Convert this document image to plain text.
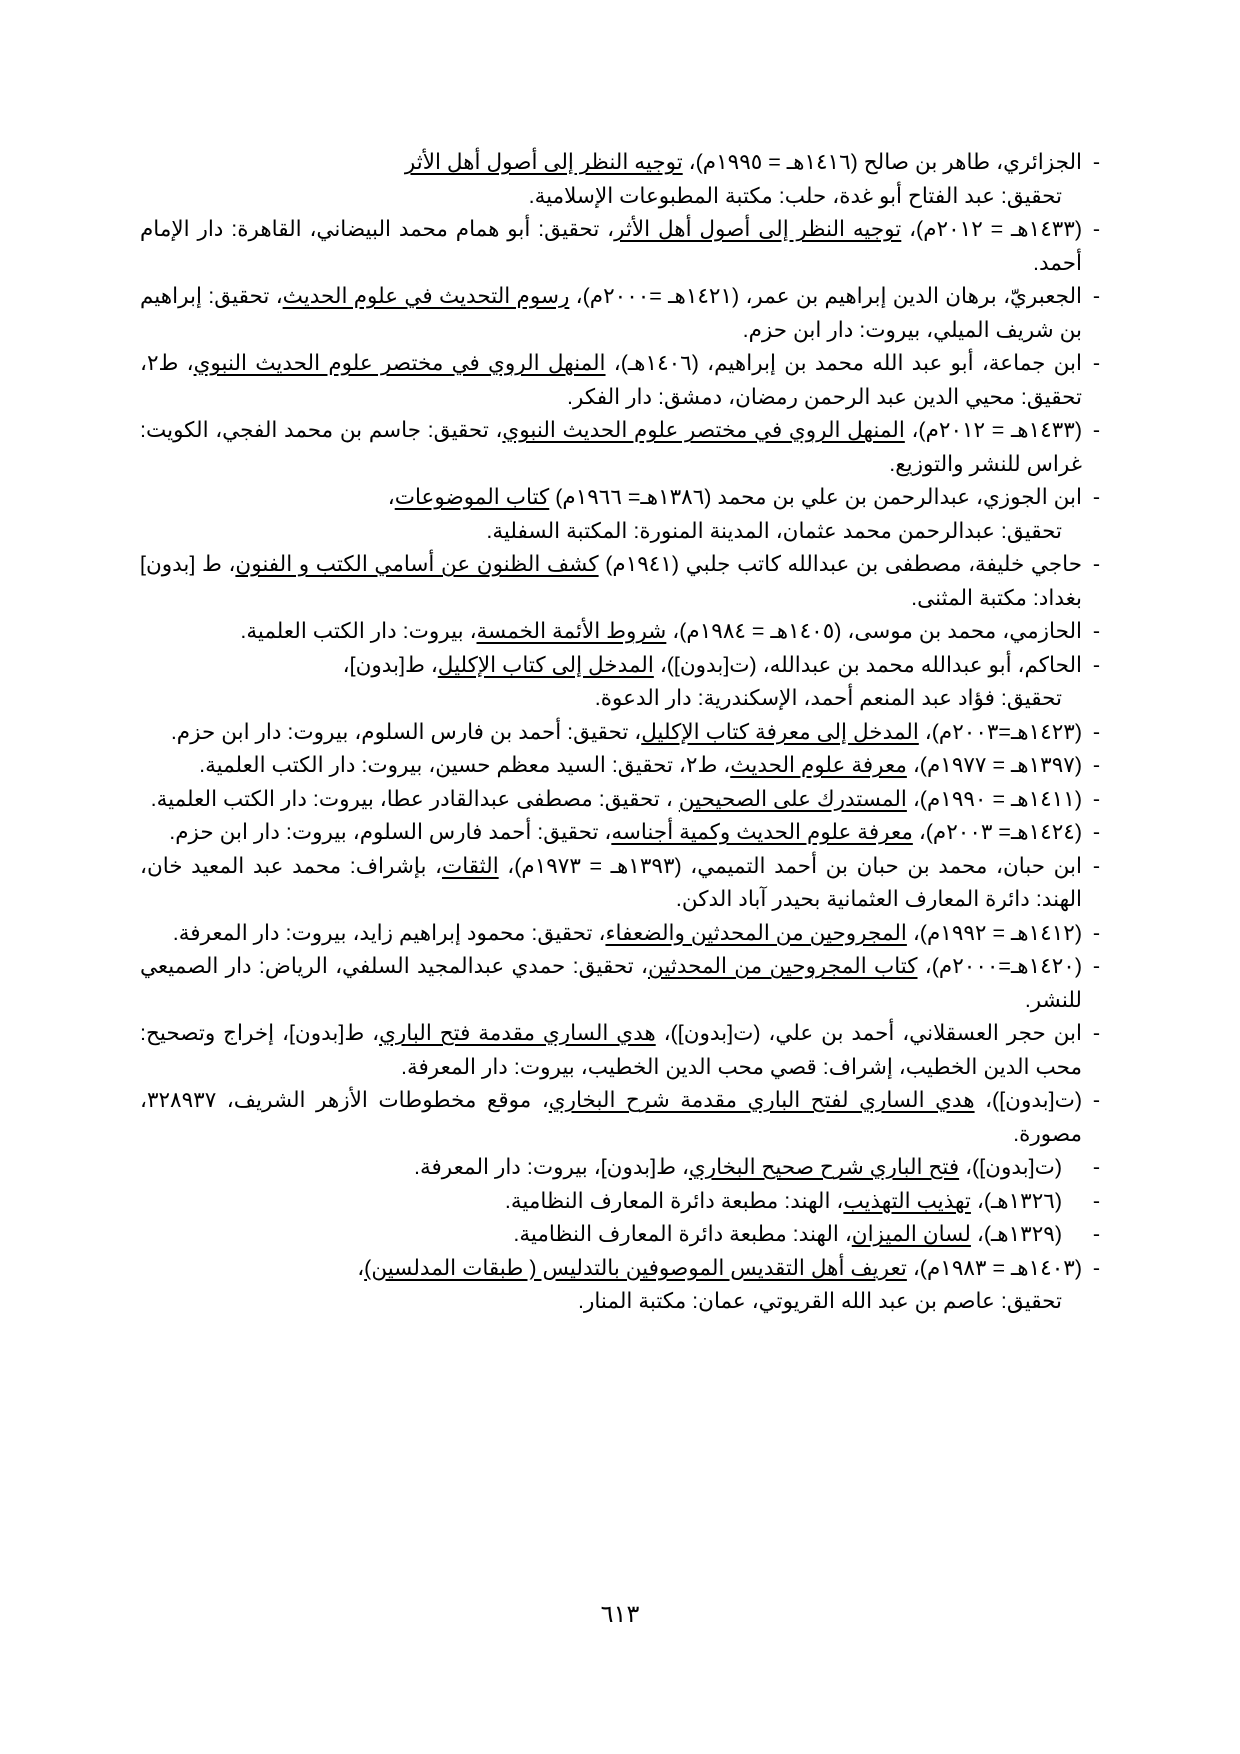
-
الجزائري، طاهر بن صالح (١٤١٦هـ = ١٩٩٥م)، توجيه النظر إلى أصول أهل الأثر
تحقيق: عبد الفتاح أبو غدة، حلب: مكتبة المطبوعات الإسلامية.

-
(١٤٣٣هـ = ٢٠١٢م)، توجيه النظر إلى أصول أهل الأثر، تحقيق: أبو همام محمد البيضاني، القاهرة: دار الإمام أحمد.

-
الجعبريّ، برهان الدين إبراهيم بن عمر، (١٤٢١هـ =٢٠٠٠م)، رسوم التحديث في علوم الحديث، تحقيق: إبراهيم بن شريف الميلي، بيروت: دار ابن حزم.

-
ابن جماعة، أبو عبد الله محمد بن إبراهيم، (١٤٠٦هـ)، المنهل الروي في مختصر علوم الحديث النبوي، ط٢، تحقيق: محيي الدين عبد الرحمن رمضان، دمشق: دار الفكر.

-
(١٤٣٣هـ = ٢٠١٢م)، المنهل الروي في مختصر علوم الحديث النبوي، تحقيق: جاسم بن محمد الفجي، الكويت: غراس للنشر والتوزيع.

-
ابن الجوزي، عبدالرحمن بن علي بن محمد (١٣٨٦هـ= ١٩٦٦م) كتاب الموضوعات،
تحقيق: عبدالرحمن محمد عثمان، المدينة المنورة: المكتبة السفلية.

-
حاجي خليفة، مصطفى بن عبدالله كاتب جلبي (١٩٤١م) كشف الظنون عن أسامي الكتب و الفنون، ط [بدون] بغداد: مكتبة المثنى.

-
الحازمي، محمد بن موسى، (١٤٠٥هـ = ١٩٨٤م)، شروط الأئمة الخمسة، بيروت: دار الكتب العلمية.

-
الحاكم، أبو عبدالله محمد بن عبدالله، (ت[بدون])، المدخل إلى كتاب الإكليل، ط[بدون]،
تحقيق: فؤاد عبد المنعم أحمد، الإسكندرية: دار الدعوة.

-
(١٤٢٣هـ=٢٠٠٣م)، المدخل إلى معرفة كتاب الإكليل، تحقيق: أحمد بن فارس السلوم، بيروت: دار ابن حزم.

-
(١٣٩٧هـ = ١٩٧٧م)، معرفة علوم الحديث، ط٢، تحقيق: السيد معظم حسين، بيروت: دار الكتب العلمية.

-
(١٤١١هـ = ١٩٩٠م)، المستدرك على الصحيحين ، تحقيق: مصطفى عبدالقادر عطا، بيروت: دار الكتب العلمية.

-
(١٤٢٤هـ= ٢٠٠٣م)، معرفة علوم الحديث وكمية أجناسه، تحقيق: أحمد فارس السلوم، بيروت: دار ابن حزم.

-
ابن حبان، محمد بن حبان بن أحمد التميمي، (١٣٩٣هـ = ١٩٧٣م)، الثقات، بإشراف: محمد عبد المعيد خان، الهند: دائرة المعارف العثمانية بحيدر آباد الدكن.

-
(١٤١٢هـ = ١٩٩٢م)، المجروحين من المحدثين والضعفاء، تحقيق: محمود إبراهيم زايد، بيروت: دار المعرفة.

-
(١٤٢٠هـ=٢٠٠٠م)، كتاب المجروحين من المحدثين، تحقيق: حمدي عبدالمجيد السلفي، الرياض: دار الصميعي للنشر.

-
ابن حجر العسقلاني، أحمد بن علي، (ت[بدون])، هدي الساري مقدمة فتح الباري، ط[بدون]، إخراج وتصحيح: محب الدين الخطيب، إشراف: قصي محب الدين الخطيب، بيروت: دار المعرفة.

-
(ت[بدون])، هدي الساري لفتح الباري مقدمة شرح البخاري، موقع مخطوطات الأزهر الشريف، ٣٢٨٩٣٧، مصورة.

-
(ت[بدون])، فتح الباري شرح صحيح البخاري، ط[بدون]، بيروت: دار المعرفة.

-
(١٣٢٦هـ)، تهذيب التهذيب، الهند: مطبعة دائرة المعارف النظامية.

-
(١٣٢٩هـ)، لسان الميزان، الهند: مطبعة دائرة المعارف النظامية.

-
(١٤٠٣هـ = ١٩٨٣م)، تعريف أهل التقديس الموصوفين بالتدليس ( طبقات المدلسين)،
تحقيق: عاصم بن عبد الله القريوتي، عمان: مكتبة المنار.

٦١٣
